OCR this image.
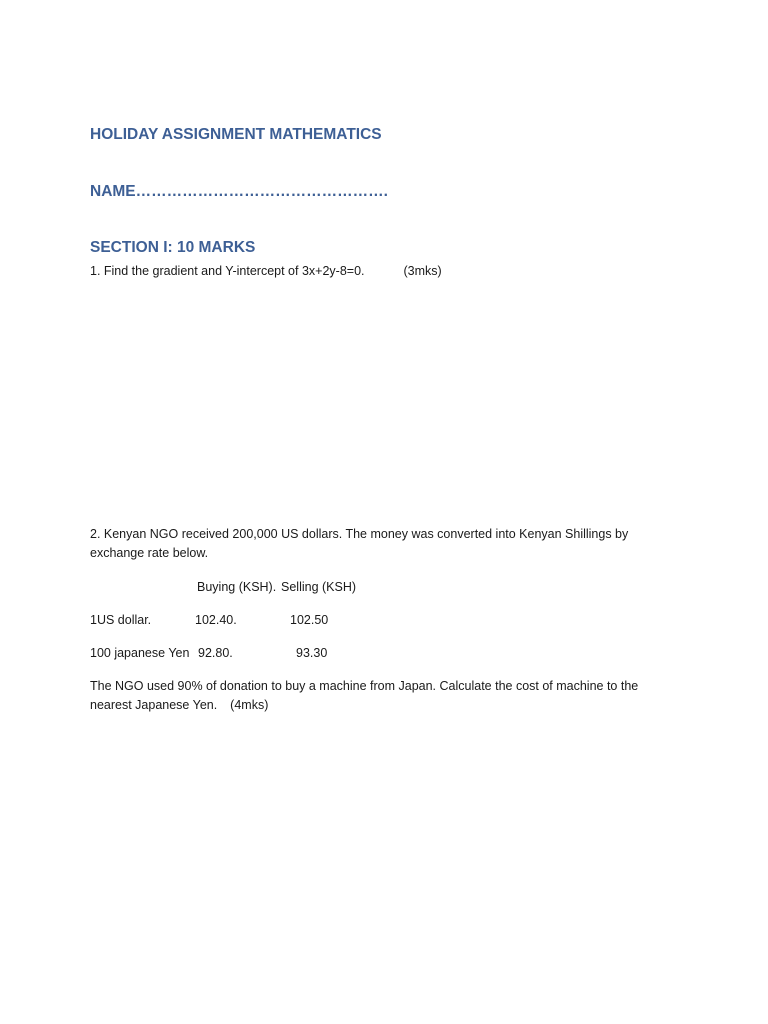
HOLIDAY ASSIGNMENT MATHEMATICS
NAME………………………………………….
SECTION I: 10 MARKS
1. Find the gradient and Y-intercept of 3x+2y-8=0.	(3mks)
2. Kenyan NGO received 200,000 US dollars. The money was converted into Kenyan Shillings by exchange rate below.
Buying (KSH). Selling (KSH)
1US dollar.	102.40.	102.50
100 japanese Yen 92.80.	93.30
The NGO used 90% of donation to buy a machine from Japan. Calculate the cost of machine to the nearest Japanese Yen. (4mks)
